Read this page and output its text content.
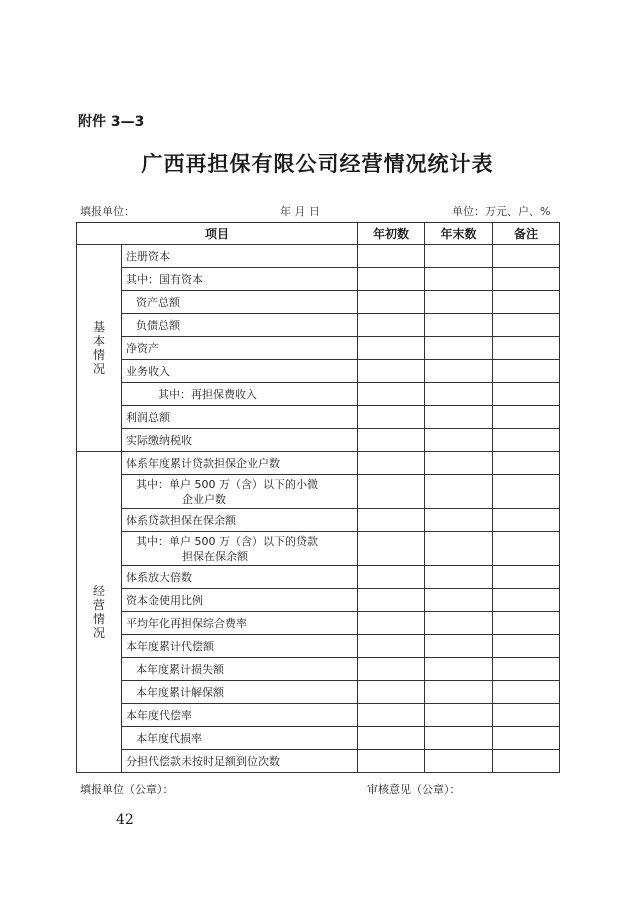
附件 3—3
广西再担保有限公司经营情况统计表
填报单位：	年 月 日	单位：万元、户、%
项目		年初数	年末数	备注
基本情况	注册资本			

	其中：国有资本			

	资产总额			

	负债总额			

	净资产			

	业务收入			

	其中：再担保费收入			

	利润总额			

	实际缴纳税收			

经营情况	体系年度累计贷款担保企业户数			

	其中：单户 500 万（含）以下的小微
企业户数			

	体系贷款担保在保余额			

	其中：单户 500 万（含）以下的贷款
担保在保余额			

	体系放大倍数			

	资本金使用比例			

	平均年化再担保综合费率			

	本年度累计代偿额			

	本年度累计损失额			

	本年度累计解保额			

	本年度代偿率			

	本年度代损率			

	分担代偿款未按时足额到位次数			

填报单位（公章）：	审核意见（公章）：
42
